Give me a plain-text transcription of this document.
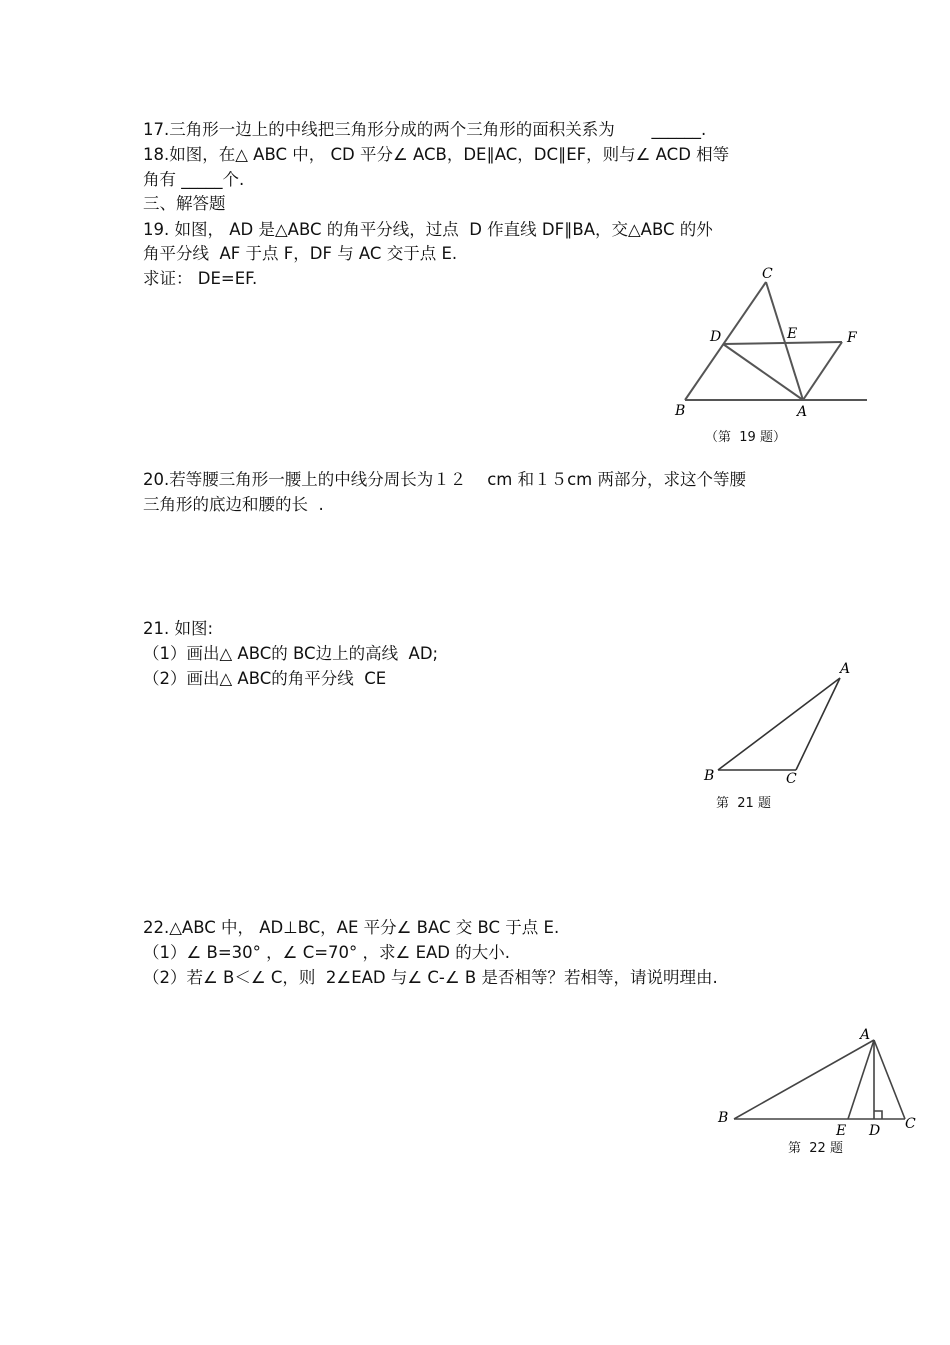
17.三角形一边上的中线把三角形分成的两个三角形的面积关系为       ______.
18.如图，在△ ABC 中， CD 平分∠ ACB，DE∥AC，DC∥EF，则与∠ ACD 相等
角有 _____个.
三、解答题
19. 如图， AD 是△ABC 的角平分线，过点  D 作直线 DF∥BA，交△ABC 的外
角平分线  AF 于点 F，DF 与 AC 交于点 E.
求证： DE=EF.	C
D	E	F
B	A
（第  19 题）
20.若等腰三角形一腰上的中线分周长为１２    cm 和１５cm 两部分，求这个等腰
三角形的底边和腰的长  .
21. 如图:
（1）画出△ ABC的 BC边上的高线  AD;
（2）画出△ ABC的角平分线  CE	A
B	C
第  21 题
22.△ABC 中， AD⊥BC，AE 平分∠ BAC 交 BC 于点 E.
（1）∠ B=30° ，∠ C=70° ，求∠ EAD 的大小.
（2）若∠ B＜∠ C，则  2∠EAD 与∠ C-∠ B 是否相等？若相等，请说明理由.
A
B
E D C
第  22 题
